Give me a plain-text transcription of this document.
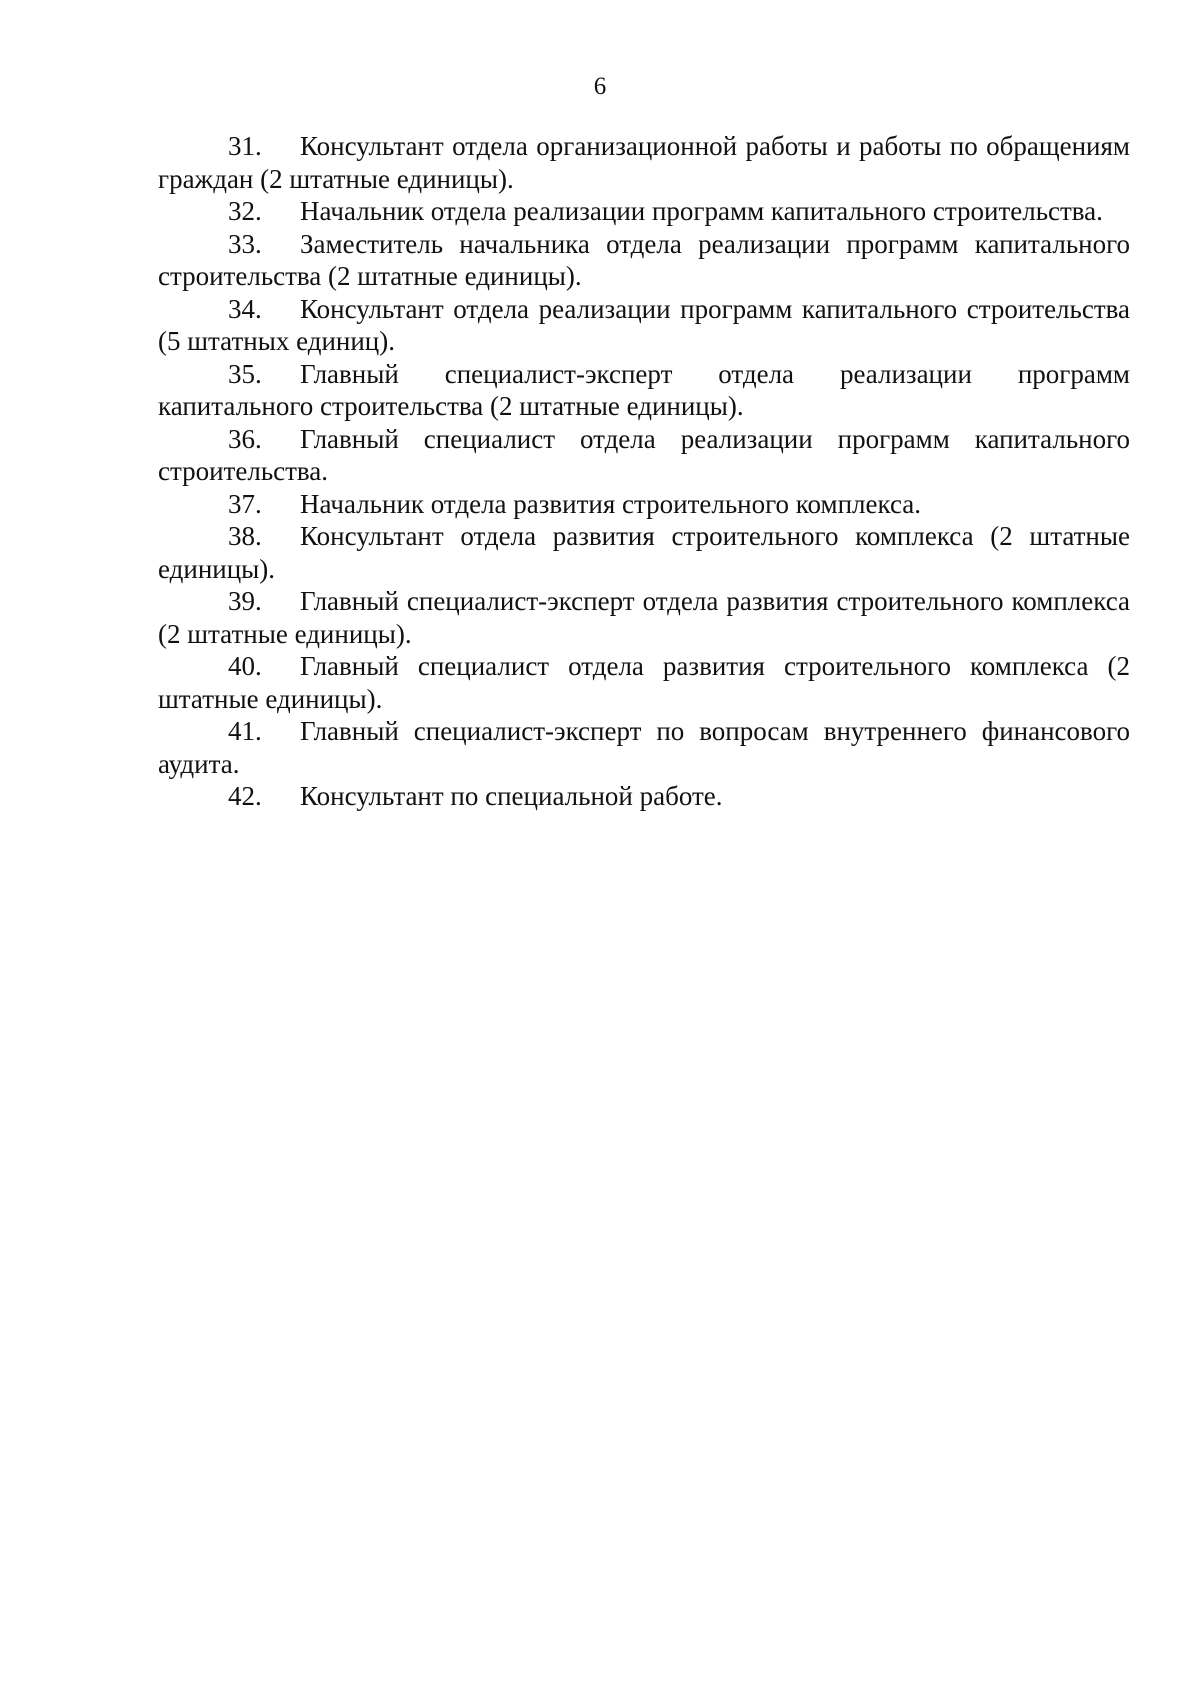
6

31. Консультант отдела организационной работы и работы по обращениям граждан (2 штатные единицы).

32. Начальник отдела реализации программ капитального строительства.

33. Заместитель начальника отдела реализации программ капитального строительства (2 штатные единицы).

34. Консультант отдела реализации программ капитального строительства (5 штатных единиц).

35. Главный специалист-эксперт отдела реализации программ капитального строительства (2 штатные единицы).

36. Главный специалист отдела реализации программ капитального строительства.

37. Начальник отдела развития строительного комплекса.

38. Консультант отдела развития строительного комплекса (2 штатные единицы).

39. Главный специалист-эксперт отдела развития строительного комплекса (2 штатные единицы).

40. Главный специалист отдела развития строительного комплекса (2 штатные единицы).

41. Главный специалист-эксперт по вопросам внутреннего финансового аудита.

42. Консультант по специальной работе.
